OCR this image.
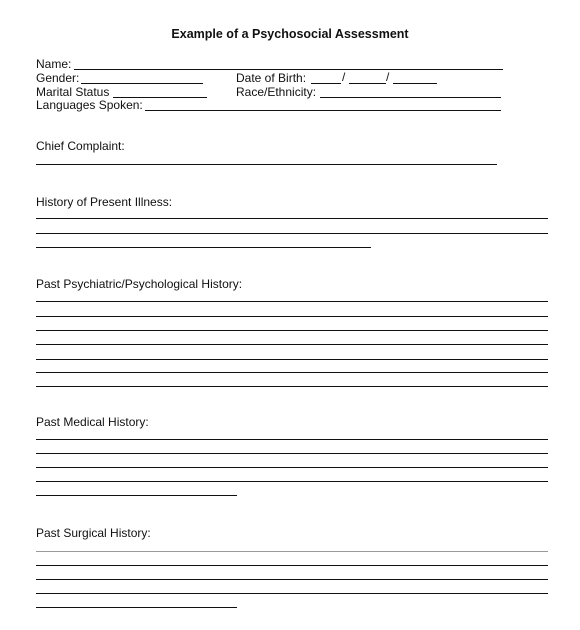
Example of a Psychosocial Assessment
Name:
Gender:	Date of Birth:	/	/
Marital Status	Race/Ethnicity:
Languages Spoken:
Chief Complaint:
History of Present Illness:
Past Psychiatric/Psychological History:
Past Medical History:
Past Surgical History:
